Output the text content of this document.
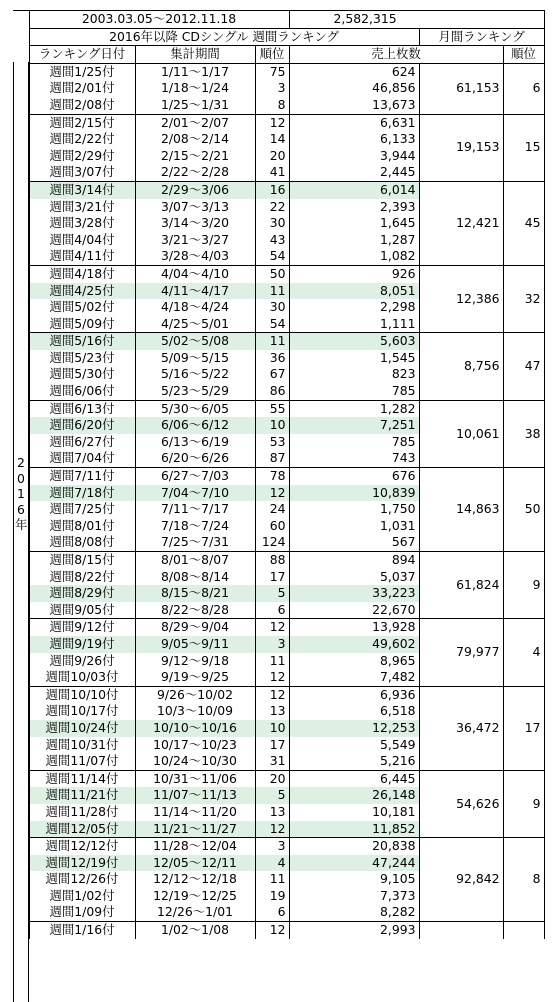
2
0
1
6
年
	2003.03.05～2012.11.18			2,582,315		
	2016年以降 CDシングル 週間ランキング				月間ランキング	
	ランキング日付	集計期間	順位	売上枚数		順位
	週間1/25付	1/11～1/17	75	624	61,153	6
	週間2/01付	1/18～1/24	3	46,856		
	週間2/08付	1/25～1/31	8	13,673		
	週間2/15付	2/01～2/07	12	6,631	19,153	15
	週間2/22付	2/08～2/14	14	6,133		
	週間2/29付	2/15～2/21	20	3,944		
	週間3/07付	2/22～2/28	41	2,445		
	週間3/14付	2/29～3/06	16	6,014	12,421	45
	週間3/21付	3/07～3/13	22	2,393		
	週間3/28付	3/14～3/20	30	1,645		
	週間4/04付	3/21～3/27	43	1,287		
	週間4/11付	3/28～4/03	54	1,082		
	週間4/18付	4/04～4/10	50	926	12,386	32
	週間4/25付	4/11～4/17	11	8,051		
	週間5/02付	4/18～4/24	30	2,298		
	週間5/09付	4/25～5/01	54	1,111		
	週間5/16付	5/02～5/08	11	5,603	8,756	47
	週間5/23付	5/09～5/15	36	1,545		
	週間5/30付	5/16～5/22	67	823		
	週間6/06付	5/23～5/29	86	785		
	週間6/13付	5/30～6/05	55	1,282	10,061	38
	週間6/20付	6/06～6/12	10	7,251		
	週間6/27付	6/13～6/19	53	785		
	週間7/04付	6/20～6/26	87	743		
	週間7/11付	6/27～7/03	78	676	14,863	50
	週間7/18付	7/04～7/10	12	10,839		
	週間7/25付	7/11～7/17	24	1,750		
	週間8/01付	7/18～7/24	60	1,031		
	週間8/08付	7/25～7/31	124	567		
	週間8/15付	8/01～8/07	88	894	61,824	9
	週間8/22付	8/08～8/14	17	5,037		
	週間8/29付	8/15～8/21	5	33,223		
	週間9/05付	8/22～8/28	6	22,670		
	週間9/12付	8/29～9/04	12	13,928	79,977	4
	週間9/19付	9/05～9/11	3	49,602		
	週間9/26付	9/12～9/18	11	8,965		
	週間10/03付	9/19～9/25	12	7,482		
	週間10/10付	9/26～10/02	12	6,936	36,472	17
	週間10/17付	10/3～10/09	13	6,518		
	週間10/24付	10/10～10/16	10	12,253		
	週間10/31付	10/17～10/23	17	5,549		
	週間11/07付	10/24～10/30	31	5,216		
	週間11/14付	10/31～11/06	20	6,445	54,626	9
	週間11/21付	11/07～11/13	5	26,148		
	週間11/28付	11/14～11/20	13	10,181		
	週間12/05付	11/21～11/27	12	11,852		
	週間12/12付	11/28～12/04	3	20,838	92,842	8
	週間12/19付	12/05～12/11	4	47,244		
	週間12/26付	12/12～12/18	11	9,105		
	週間1/02付	12/19～12/25	19	7,373		
	週間1/09付	12/26～1/01	6	8,282		
	週間1/16付	1/02～1/08	12	2,993		
